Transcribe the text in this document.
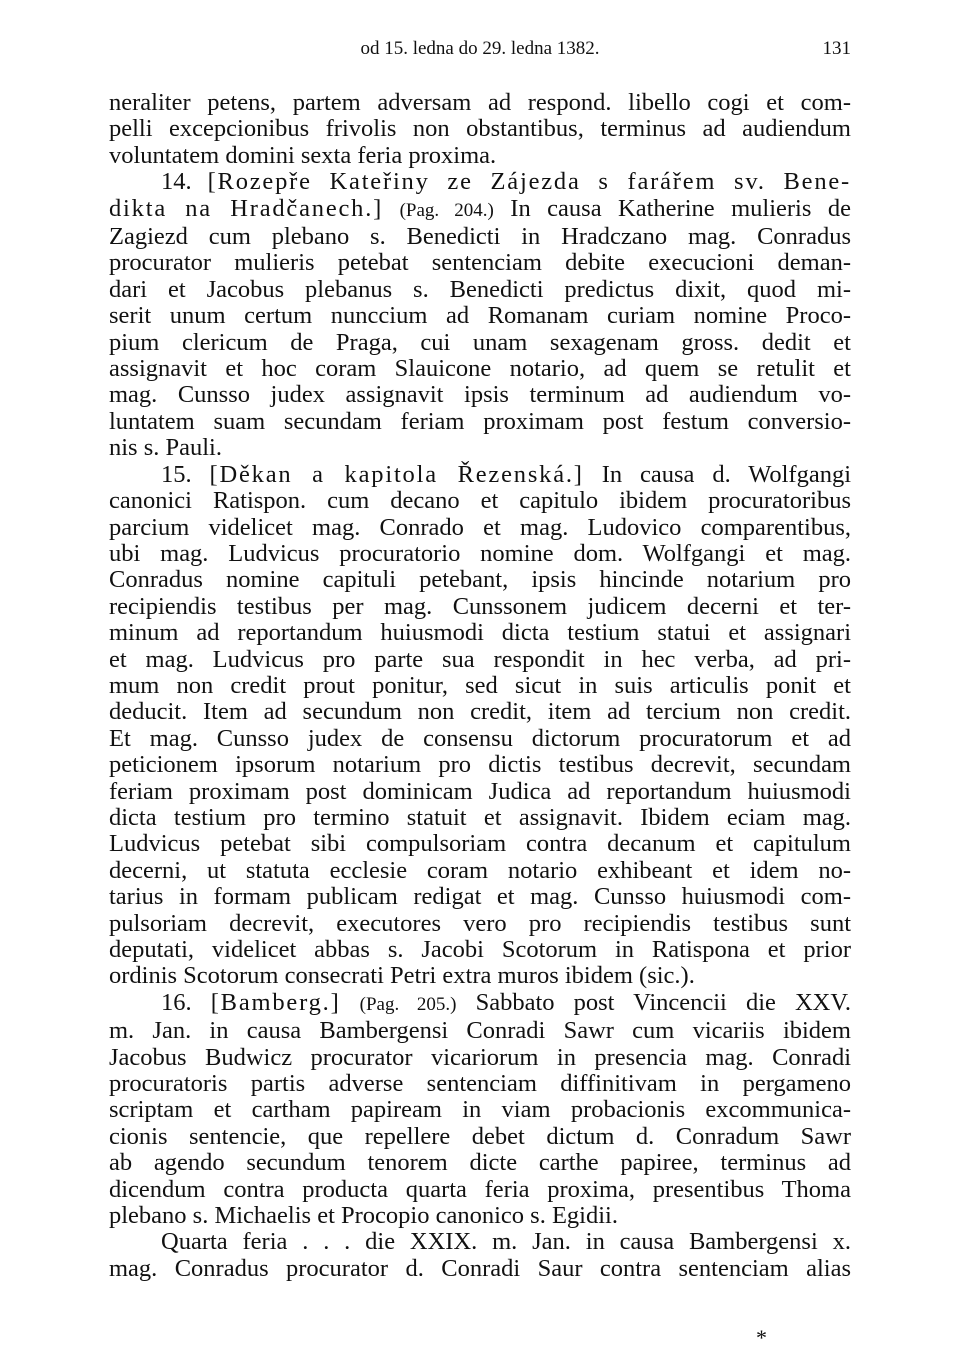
od 15. ledna do 29. ledna 1382.	131

neraliter petens, partem adversam ad respond. libello cogi et com-
pelli excepcionibus frivolis non obstantibus, terminus ad audiendum
voluntatem domini sexta feria proxima.

14. [Rozepře Kateřiny ze Zájezda s farářem sv. Bene-
dikta na Hradčanech.] (Pag. 204.) In causa Katherine mulieris de
Zagiezd cum plebano s. Benedicti in Hradczano mag. Conradus
procurator mulieris petebat sentenciam debite execucioni deman-
dari et Jacobus plebanus s. Benedicti predictus dixit, quod mi-
serit unum certum nunccium ad Romanam curiam nomine Proco-
pium clericum de Praga, cui unam sexagenam gross. dedit et
assignavit et hoc coram Slauicone notario, ad quem se retulit et
mag. Cunsso judex assignavit ipsis terminum ad audiendum vo-
luntatem suam secundam feriam proximam post festum conversio-
nis s. Pauli.

15. [Děkan a kapitola Řezenská.] In causa d. Wolfgangi
canonici Ratispon. cum decano et capitulo ibidem procuratoribus
parcium videlicet mag. Conrado et mag. Ludovico comparentibus,
ubi mag. Ludvicus procuratorio nomine dom. Wolfgangi et mag.
Conradus nomine capituli petebant, ipsis hincinde notarium pro
recipiendis testibus per mag. Cunssonem judicem decerni et ter-
minum ad reportandum huiusmodi dicta testium statui et assignari
et mag. Ludvicus pro parte sua respondit in hec verba, ad pri-
mum non credit prout ponitur, sed sicut in suis articulis ponit et
deducit. Item ad secundum non credit, item ad tercium non credit.
Et mag. Cunsso judex de consensu dictorum procuratorum et ad
peticionem ipsorum notarium pro dictis testibus decrevit, secundam
feriam proximam post dominicam Judica ad reportandum huiusmodi
dicta testium pro termino statuit et assignavit. Ibidem eciam mag.
Ludvicus petebat sibi compulsoriam contra decanum et capitulum
decerni, ut statuta ecclesie coram notario exhibeant et idem no-
tarius in formam publicam redigat et mag. Cunsso huiusmodi com-
pulsoriam decrevit, executores vero pro recipiendis testibus sunt
deputati, videlicet abbas s. Jacobi Scotorum in Ratispona et prior
ordinis Scotorum consecrati Petri extra muros ibidem (sic.).

16. [Bamberg.] (Pag. 205.) Sabbato post Vincencii die XXV.
m. Jan. in causa Bambergensi Conradi Sawr cum vicariis ibidem
Jacobus Budwicz procurator vicariorum in presencia mag. Conradi
procuratoris partis adverse sentenciam diffinitivam in pergameno
scriptam et cartham papiream in viam probacionis excommunica-
cionis sentencie, que repellere debet dictum d. Conradum Sawr
ab agendo secundum tenorem dicte carthe papiree, terminus ad
dicendum contra producta quarta feria proxima, presentibus Thoma
plebano s. Michaelis et Procopio canonico s. Egidii.

Quarta feria . . . die XXIX. m. Jan. in causa Bambergensi x.
mag. Conradus procurator d. Conradi Saur contra sentenciam alias

*
